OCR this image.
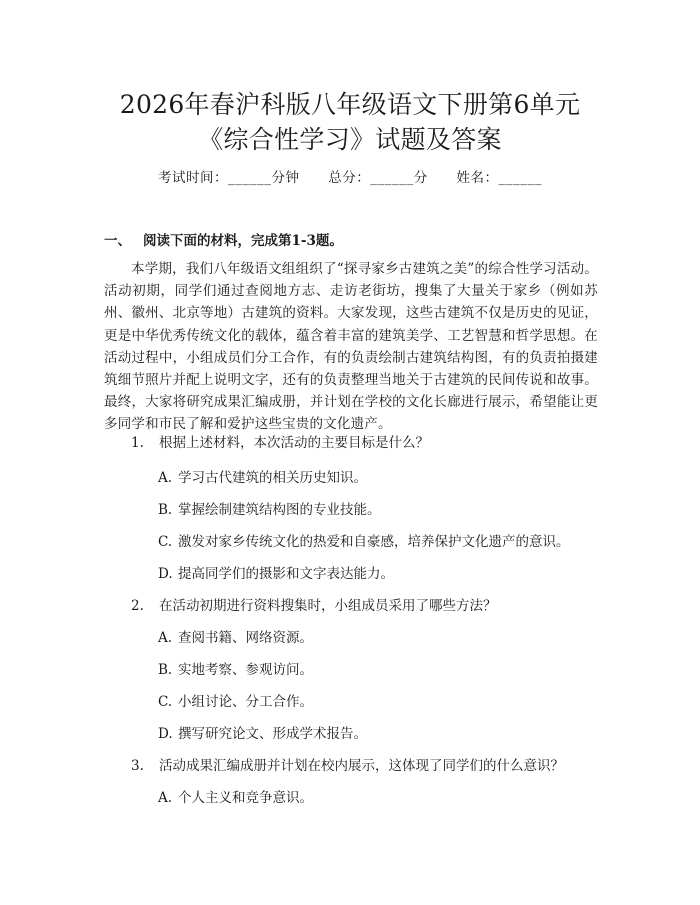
2026年春沪科版八年级语文下册第6单元
《综合性学习》试题及答案
考试时间：______分钟 总分：______分 姓名：______
一、 阅读下面的材料，完成第1-3题。

本学期，我们八年级语文组组织了“探寻家乡古建筑之美”的综合性学习活动。活动初期，同学们通过查阅地方志、走访老街坊，搜集了大量关于家乡（例如苏州、徽州、北京等地）古建筑的资料。大家发现，这些古建筑不仅是历史的见证，更是中华优秀传统文化的载体，蕴含着丰富的建筑美学、工艺智慧和哲学思想。在活动过程中，小组成员们分工合作，有的负责绘制古建筑结构图，有的负责拍摄建筑细节照片并配上说明文字，还有的负责整理当地关于古建筑的民间传说和故事。最终，大家将研究成果汇编成册，并计划在学校的文化长廊进行展示，希望能让更多同学和市民了解和爱护这些宝贵的文化遗产。

1. 根据上述材料，本次活动的主要目标是什么？
A. 学习古代建筑的相关历史知识。
B. 掌握绘制建筑结构图的专业技能。
C. 激发对家乡传统文化的热爱和自豪感，培养保护文化遗产的意识。
D. 提高同学们的摄影和文字表达能力。
2. 在活动初期进行资料搜集时，小组成员采用了哪些方法？
A. 查阅书籍、网络资源。
B. 实地考察、参观访问。
C. 小组讨论、分工合作。
D. 撰写研究论文、形成学术报告。
3. 活动成果汇编成册并计划在校内展示，这体现了同学们的什么意识？
A. 个人主义和竞争意识。
